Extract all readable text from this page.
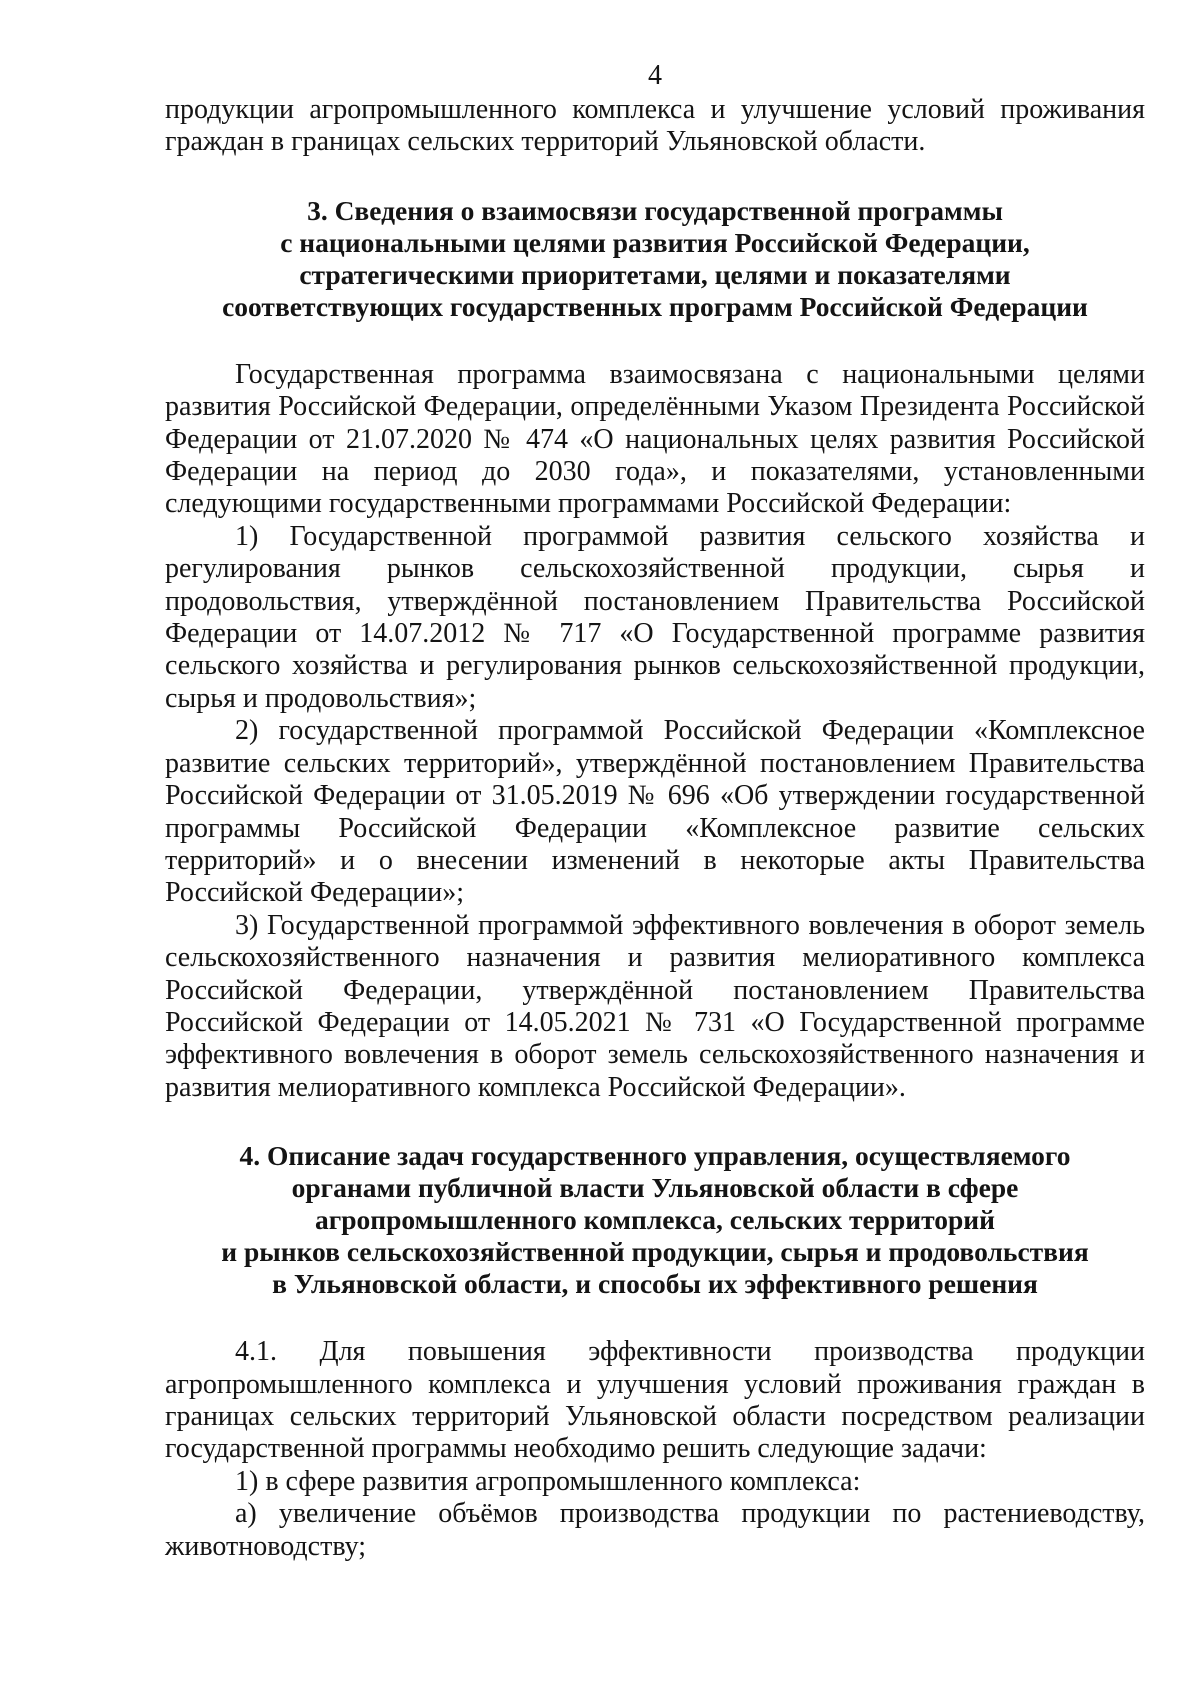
4

продукции агропромышленного комплекса и улучшение условий проживания граждан в границах сельских территорий Ульяновской области.

3. Сведения о взаимосвязи государственной программы
с национальными целями развития Российской Федерации,
стратегическими приоритетами, целями и показателями
соответствующих государственных программ Российской Федерации

Государственная программа взаимосвязана с национальными целями развития Российской Федерации, определёнными Указом Президента Российской Федерации от 21.07.2020 № 474 «О национальных целях развития Российской Федерации на период до 2030 года», и показателями, установленными следующими государственными программами Российской Федерации:

1) Государственной программой развития сельского хозяйства и регулирования рынков сельскохозяйственной продукции, сырья и продовольствия, утверждённой постановлением Правительства Российской Федерации от 14.07.2012 № 717 «О Государственной программе развития сельского хозяйства и регулирования рынков сельскохозяйственной продукции, сырья и продовольствия»;

2) государственной программой Российской Федерации «Комплексное развитие сельских территорий», утверждённой постановлением Правительства Российской Федерации от 31.05.2019 № 696 «Об утверждении государственной программы Российской Федерации «Комплексное развитие сельских территорий» и о внесении изменений в некоторые акты Правительства Российской Федерации»;

3) Государственной программой эффективного вовлечения в оборот земель сельскохозяйственного назначения и развития мелиоративного комплекса Российской Федерации, утверждённой постановлением Правительства Российской Федерации от 14.05.2021 № 731 «О Государственной программе эффективного вовлечения в оборот земель сельскохозяйственного назначения и развития мелиоративного комплекса Российской Федерации».

4. Описание задач государственного управления, осуществляемого
органами публичной власти Ульяновской области в сфере
агропромышленного комплекса, сельских территорий
и рынков сельскохозяйственной продукции, сырья и продовольствия
в Ульяновской области, и способы их эффективного решения

4.1. Для повышения эффективности производства продукции агропромышленного комплекса и улучшения условий проживания граждан в границах сельских территорий Ульяновской области посредством реализации государственной программы необходимо решить следующие задачи:

1) в сфере развития агропромышленного комплекса:

а) увеличение объёмов производства продукции по растениеводству, животноводству;
